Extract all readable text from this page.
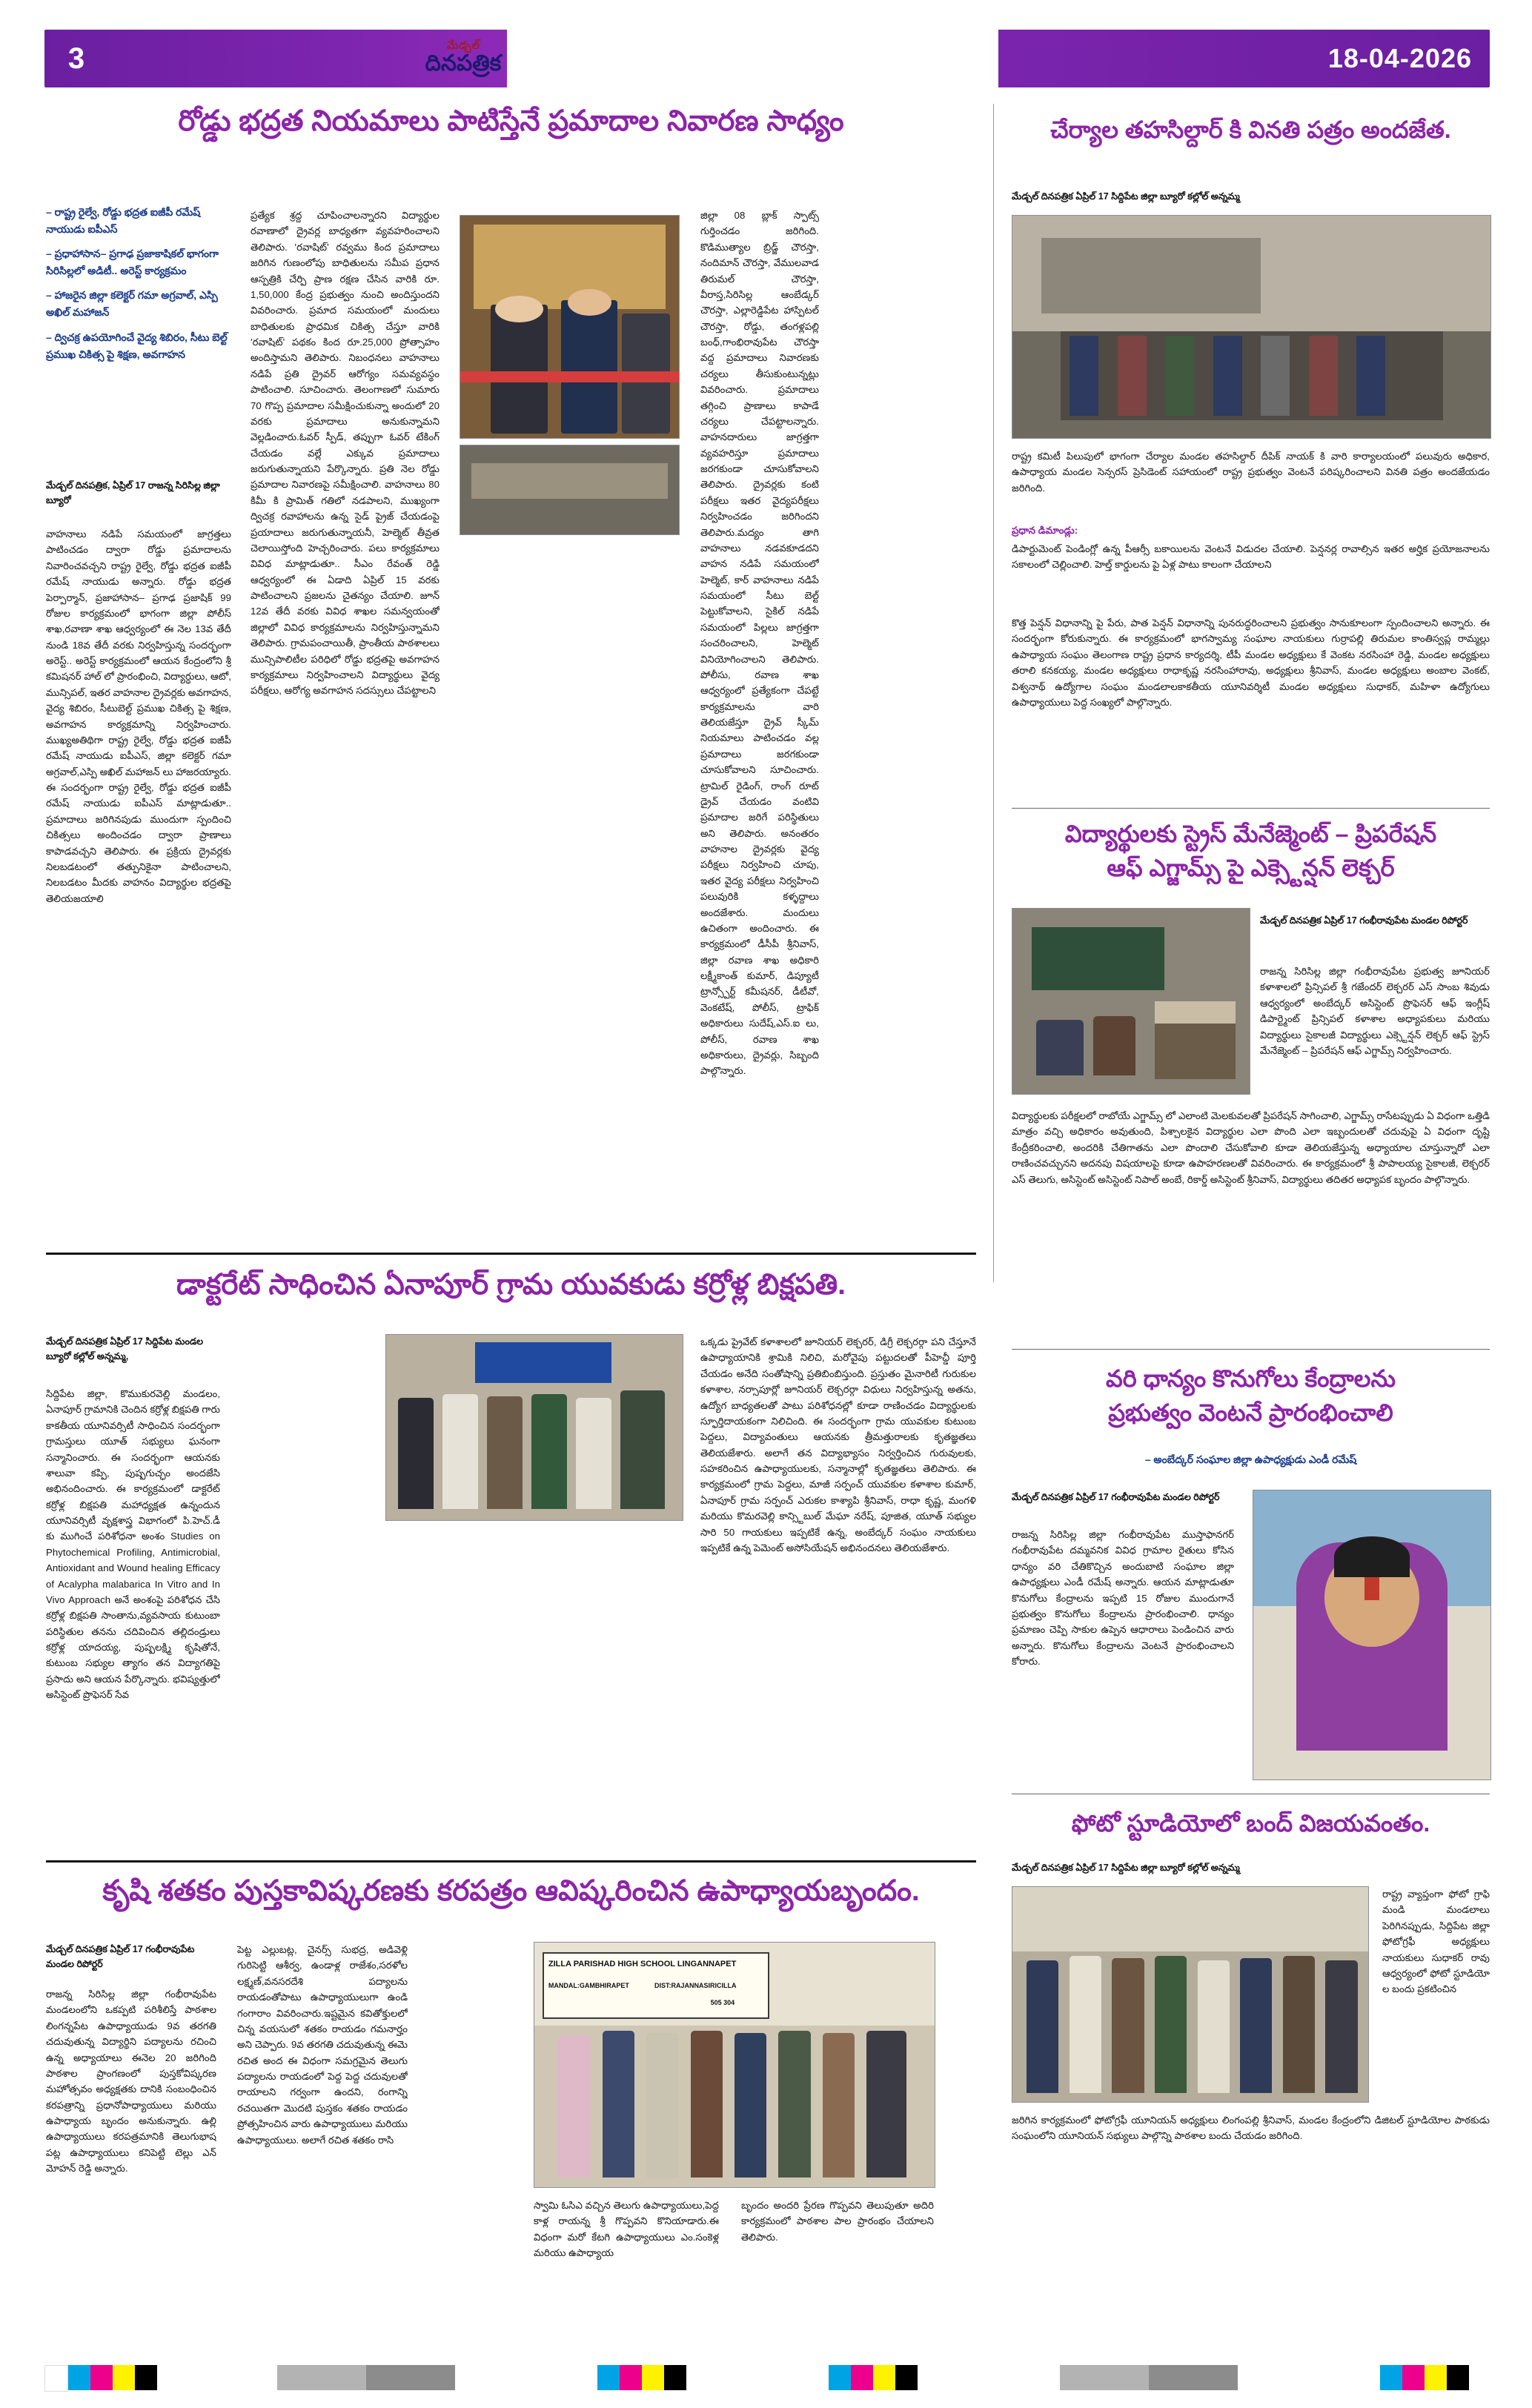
3	మేడ్చల్
దినపత్రిక	18-04-2026
రోడ్డు భద్రత నియమాలు పాటిస్తేనే ప్రమాదాల నివారణ సాధ్యం
– రాష్ట్ర రైల్వే, రోడ్డు భద్రత ఐజీపీ రమేష్ నాయుడు ఐపీఎస్
– ప్రధాహాసాన– ప్రగాఢ ప్రజాకాషికల్ భాగంగా సిరిసిల్లలో అడిటీ.. అరెస్ట్ కార్యక్రమం
– హాజరైన జిల్లా కలెక్టర్ గమా అగ్రవాల్, ఎస్పి అఖిల్ మహాజన్
– ద్విచక్ర ఉపయోగించే వైద్య శిబిరం, సీటు బెల్ట్ ప్రముఖ చికిత్స పై శిక్షణ, అవగాహన
మేడ్చల్ దినపత్రిక, ఏప్రిల్ 17 రాజన్న సిరిసిల్ల జిల్లా బ్యూరో
వాహనాలు నడిపే సమయంలో జాగ్రత్తలు పాటించడం ద్వారా రోడ్డు ప్రమాదాలను నివారించవచ్చని రాష్ట్ర రైల్వే, రోడ్డు భద్రత ఐజీపీ రమేష్ నాయుడు అన్నారు. రోడ్డు భద్రత పెర్పార్మాన్, ప్రజాహాసాన– ప్రగాఢ ప్రజాషిక్ 99 రోజుల కార్యక్రమంలో భాగంగా జిల్లా పోలీస్ శాఖ,రవాణా శాఖ ఆధ్వర్యంలో ఈ నెల 13వ తేదీ నుండి 18వ తేదీ వరకు నిర్వహిస్తున్న సందర్భంగా అరెస్ట్.. అరెస్ట్ కార్యక్రమంలో ఆయన కేంద్రంలోని శ్రీ కమిషనర్ హాల్ లో ప్రారంభించి, విద్యార్ధులు, ఆటో, మున్సిపల్, ఇతర వాహనాల ద్రైవర్లకు అవగాహన, వైద్య శిబిరం, సీటుబెల్ట్ ప్రముఖ చికిత్స పై శిక్షణ, అవగాహన కార్యక్రమాన్ని నిర్వహించారు. ముఖ్యఅతిథిగా రాష్ట్ర రైల్వే, రోడ్డు భద్రత ఐజీపీ రమేష్ నాయుడు ఐపీఎస్, జిల్లా కలెక్టర్ గమా అగ్రవాల్,ఎస్పి అఖిల్ మహాజన్ లు హాజరయ్యారు. ఈ సందర్భంగా రాష్ట్ర రైల్వే, రోడ్డు భద్రత ఐజీపీ రమేష్ నాయుడు ఐపీఎస్ మాట్లాడుతూ.. ప్రమాదాలు జరిగినపుడు ముందుగా స్పందించి చికిత్సలు అందించడం ద్వారా ప్రాణాలు కాపాడవచ్చని తెలిపారు. ఈ ప్రక్రియ ద్రైవర్లకు నిలబడటంలో తత్పునికైనా పాటించాలని, నిలబడటం మీదకు వాహనం విద్యార్థుల భద్రతపై తెలియజయాలి
ప్రత్యేక శ్రద్ద చూపించాలన్నారని విద్యార్థుల రవాణాలో ద్రైవర్ల బాధ్యతగా వ్యవహరించాలని తెలిపారు. 'రవాషిట్' రవ్వము కింద ప్రమాదాలు జరిగిన గుణంలోపు బాధితులను సమీప ప్రధాన ఆస్పత్రికి చేర్పి ప్రాణ రక్షణ చేసిన వారికి రూ. 1,50,000 కేంద్ర ప్రభుత్వం నుంచి అందిస్తుందని వివరించారు. ప్రమాద సమయంలో మందులు బాధితులకు ప్రాధమిక చికిత్స చేస్తూ వారికి 'రవాషిట్' పథకం కింద రూ.25,000 ప్రోత్సాహం అందిస్తామని తెలిపారు. నిబంధనలు వాహనాలు నడిపే ప్రతి ద్రైవర్ ఆరోగ్యం సమవ్యవస్థం పాటించాలి. సూచించారు. తెలంగాణలో సుమారు 70 గొప్ప ప్రమాదాల సమీక్షించుకున్నా అందులో 20 వరకు ప్రమాదాలు అనుకున్నామని వెల్లడించారు.ఓవర్ స్పీడ్, తప్పుగా ఓవర్ టేకింగ్ చేయడం వల్లే ఎక్కువ ప్రమాదాలు జరుగుతున్నాయని పేర్కొన్నారు. ప్రతి నెల రోడ్డు ప్రమాదాల నివారణపై సమీక్షించాలి. వాహనాలు 80 కిమీ కి ప్రామిత్ గతిలో నడపాలని, ముఖ్యంగా ద్విచక్ర రవాహాలను ఉన్న సైడ్ ప్రైజ్ చేయడంపై ప్రయాదాలు జరుగుతున్నాయనీ, హెల్మెట్ తీవ్రత చెలాయిస్తోంది హెచ్చరించారు. పలు కార్యక్రమాలు వివిధ మాట్లాడుతూ.. సీఎం రేవంత్ రెడ్డి ఆధ్వర్యంలో ఈ ఏడాది ఏప్రిల్ 15 వరకు పాటించాలని ప్రజలను చైతన్యం చేయాలి. జూన్ 12వ తేదీ వరకు వివిధ శాఖల సమన్వయంతో జిల్లాలో వివిధ కార్యక్రమాలను నిర్వహిస్తున్నామని తెలిపారు. గ్రామపంచాయితీ, ప్రాంతీయ పాఠశాలలు మున్సిపాలిటీల పరిధిలో రోడ్డు భద్రతపై అవగాహన కార్యక్రమాలు నిర్వహించాలని విద్యార్థులు వైద్య పరీక్షలు, ఆరోగ్య అవగాహన సదస్సులు చేపట్టాలని
జిల్లా 08 బ్లాక్ స్పాట్స్ గుర్తించడం జరిగింది. కొడిముత్యాల బ్రిడ్జ్ చౌరస్తా, నందిమాన్ చౌరస్తా, వేములవాడ తిరుమల్ చౌరస్తా, వీరాస్త,సిరిసిల్ల ఆంబేడ్కర్ చౌరస్తా, ఎల్లారెడ్డిపేట హాస్పిటల్ చౌరస్తా, రోడ్డు, తంగళ్లపల్లి బంధ్,గాంభిరావుపేట చౌరస్తా వద్ద ప్రమాదాలు నివారణకు చర్యలు తీసుకుంటున్నట్లు వివరించారు. ప్రమాదాలు తగ్గించి ప్రాణాలు కాపాడే చర్యలు చేపట్టాలన్నారు. వాహనదారులు జాగ్రత్తగా వ్యవహరిస్తూ ప్రమాదాలు జరగకుండా చూసుకోవాలని తెలిపారు. ద్రైవర్లకు కంటి పరీక్షలు ఇతర వైద్యపరీక్షలు నిర్వహించడం జరిగిందని తెలిపారు.మద్యం తాగి వాహనాలు నడవకూడదని వాహన నడిపే సమయంలో హెల్మెట్, కార్ వాహనాలు నడిపే సమయంలో సీటు బెల్ట్ పెట్టుకోవాలని, సైకిల్ నడిపే సమయంలో పిల్లలు జాగ్రత్తగా సంచరించాలని, హెల్మెట్ వినియోగించాలని తెలిపారు. పోలీసు, రవాణ శాఖ ఆధ్వర్యంలో ప్రత్యేకంగా చేపట్టే కార్యక్రమాలను వారి తెలియజేస్తూ ద్రైవ్ స్కీమ్ నియమాలు పాటించడం వల్ల ప్రమాదాలు జరగకుండా చూసుకోవాలని సూచించారు. ట్రామిల్ రైడింగ్, రాంగ్ రూట్ డ్రైవ్ చేయడం వంటివి ప్రమాదాల జరిగే పరిస్థితులు అని తెలిపారు. అనంతరం వాహనాల ద్రైవర్లకు వైద్య పరీక్షలు నిర్వహించి చూపు, ఇతర వైద్య పరీక్షలు నిర్వహించి పలువురికి కళ్ళద్దాలు అందజేశారు. మందులు ఉచితంగా అందించారు. ఈ కార్యక్రమంలో డీసీపీ శ్రీనివాస్, జిల్లా రవాణ శాఖ అధికారి లక్ష్మీకాంత్ కుమార్, డిప్యూటీ ట్రాన్స్పోర్ట్ కమీషనర్, డీటీవో, వెంకటేష్, పోలీస్, ట్రాఫిక్ అధికారులు సుదేష్,ఎస్.ఐ లు, పోలీస్, రవాణ శాఖ అధికారులు, ద్రైవర్లు, సిబ్బంది పాల్గొన్నారు.
చేర్యాల తహసిల్దార్ కి వినతి పత్రం అందజేత.
మేడ్చల్ దినపత్రిక ఏప్రిల్ 17 సిద్దిపేట జిల్లా బ్యూరో కల్లోల్ అన్నమ్మ
రాష్ట్ర కమిటీ పిలుపులో భాగంగా చేర్యాల మండల తహసిల్దార్ దీపిక్ నాయక్ కి వారి కార్యాలయంలో పలువురు అధికార, ఉపాధ్యాయ మండల సెన్సరస్ ప్రెసిడెంట్ సహాయంలో రాష్ట్ర ప్రభుత్వం వెంటనే పరిష్కరించాలని వినతి పత్రం అందజేయడం జరిగింది.
ప్రధాన డిమాండ్లు:
డిపార్టుమెంట్ పెండింగ్లో ఉన్న పీఆర్సీ బకాయిలను వెంటనే విడుదల చేయాలి. పెన్షనర్ల రావాల్సిన ఇతర అర్హిక ప్రయోజనాలను సకాలంలో చెల్లించాలి. హెల్త్ కార్డులను పై ఏళ్ల పాటు కాలంగా చేయాలని
కొత్త పెన్షన్ విధానాన్ని పై పేరు, పాత పెన్షన్ విధానాన్ని పునరుద్ధరించాలని ప్రభుత్వం సానుకూలంగా స్పందించాలని అన్నారు. ఈ సందర్భంగా కోరుకున్నారు. ఈ కార్యక్రమంలో భాగస్వామ్య సంఘాల నాయకులు గుర్రాపల్లి తిరుమల కాంతిస్వప్ల రామ్మల్లు ఉపాధ్యాయ సంఘం తెలంగాణ రాష్ట్ర ప్రధాన కార్యదర్శి, టీపీ మండల అధ్యక్షులు కే వెంకట నరసింహా రెడ్డి, మండల అధ్యక్షులు తరాలి కనకయ్య, మండల అధ్యక్షులు రాధాకృష్ణ నరసింహారావు, అధ్యక్షులు శ్రీనివాస్, మండల అధ్యక్షులు అంబాల వెంకట్, విశ్వనాథ్ ఉద్యోగాల సంఘం మండలాలకాకతీయ యూనివర్శిటీ మండల అధ్యక్షులు సుధాకర్, మహిళా ఉద్యోగులు ఉపాధ్యాయులు పెద్ద సంఖ్యలో పాల్గొన్నారు.
విద్యార్థులకు స్ట్రెస్ మేనేజ్మెంట్ – ప్రిపరేషన్
ఆఫ్ ఎగ్జామ్స్ పై ఎక్స్టెన్షన్ లెక్చర్
మేడ్చల్ దినపత్రిక ఏప్రిల్ 17 గంభీరావుపేట మండల రిపోర్టర్
రాజన్న సిరిసిల్ల జిల్లా గంభీరావుపేట ప్రభుత్వ జూనియర్ కళాశాలలో ప్రిన్సిపల్ శ్రీ గజేందర్ లెక్చరర్ ఎస్ సాంబ శివుడు ఆధ్వర్యంలో అంబేద్కర్ అసిస్టెంట్ ప్రొఫెసర్ ఆఫ్ ఇంగ్లీష్ డిపార్ట్మెంట్ ప్రిన్సిపల్ కళాశాల అధ్యాపకులు మరియు విద్యార్థులు సైకాలజీ విద్యార్థులు ఎక్స్టెన్షన్ లెక్చర్ ఆఫ్ స్ట్రెస్ మేనేజ్మెంట్ – ప్రిపరేషన్ ఆఫ్ ఎగ్జామ్స్ నిర్వహించారు.
విద్యార్థులకు పరీక్షలలో రాబోయే ఎగ్జామ్స్ లో ఎలాంటి మెలకువలతో ప్రిపరేషన్ సాగించాలి, ఎగ్జామ్స్ రాసేటప్పుడు ఏ విధంగా ఒత్తిడి మాత్రం వచ్చి అధికారం అవుతుంది, పిశ్చాలకైన విద్యార్థుల ఎలా పొంది ఎలా ఇబ్బందులతో చదువుపై ఏ విధంగా దృష్టి కేంద్రీకరించాలి, అందరికి చేతిగాతను ఎలా పొందాలి చేసుకోవాలి కూడా తెలియజేస్తున్న అధ్యాయాల చూస్తున్నారో ఎలా రాణించవచ్చునని అదనపు విషయాలపై కూడా ఉపాహరణలతో వివరించారు. ఈ కార్యక్రమంలో శ్రీ పాపాలయ్య సైకాలజీ, లెక్చరర్ ఎస్ తెలుగు, అసిస్టెంట్ అసిస్టెంట్ నిపాల్ అంబే, రికార్డ్ అసిస్టెంట్ శ్రీనివాస్, విద్యార్థులు తదితర అధ్యాపక బృందం పాల్గొన్నారు.
డాక్టరేట్ సాధించిన ఏనాపూర్ గ్రామ యువకుడు కర్రోళ్ల బిక్షపతి.
మేడ్చల్ దినపత్రిక ఏప్రిల్ 17 సిద్దిపేట మండల బ్యూరో కల్లోల్ అన్నమ్మ,
సిద్దిపేట జిల్లా, కొముకురవెల్లి మండలం, ఏనాపూర్ గ్రామానికి చెందిన కర్రోళ్ల బిక్షపతి గారు కాకతీయ యూనివర్సిటీ సాధించిన సందర్భంగా గ్రామస్తులు యూత్ సభ్యులు ఘనంగా సన్మానించారు. ఈ సందర్భంగా ఆయనకు శాలువా కప్పి, పుష్పగుచ్ఛం అందజేసి అభినందించారు. ఈ కార్యక్రమంలో డాక్టరేట్ కర్రోళ్ల బిక్షపతి మహాధ్యక్షత ఉన్నందున యూనివర్సిటీ వృక్షశాస్త్ర విభాగంలో పి.హెచ్.డీ కు ముగించే పరిశోధనా అంశం Studies on Phytochemical Profiling, Antimicrobial, Antioxidant and Wound healing Efficacy of Acalypha malabarica In Vitro and In Vivo Approach అనే అంశంపై పరిశోధన చేసి కర్రోళ్ల బిక్షపతి సాంతాను,వ్యవసాయ కుటుంబా పరిస్థితుల తనను చదివించిన తల్లిదండ్రులు కర్రోళ్ల యాదయ్య, పుష్పలక్ష్మి కృషితోనే, కుటుంబ సభ్యుల త్యాగం తన విద్యాగతిపై ప్రసాదు అని ఆయన పేర్కొన్నారు. భవిష్యత్తులో అసిస్టెంట్ ప్రొఫెసర్ సేవ
ఒక్కడు ప్రైవేట్ కళాశాలలో జూనియర్ లెక్చరర్, డిగ్రీ లెక్చరర్గా పని చేస్తూనే ఉపాధ్యాయానికి శ్రామికి నిలిచి, మరోవైపు పట్టుదలతో పీహెచ్డీ పూర్తి చేయడం అనేది సంతోషాన్ని ప్రతిబింబిస్తుంది. ప్రస్తుతం మైనారిటీ గురుకుల కళాశాల, నర్సాపూర్లో జూనియర్ లెక్చరర్గా విధులు నిర్వహిస్తున్న అతను, ఉద్యోగ బాధ్యతలతో పాటు పరిశోధనల్లో కూడా రాణించడం విద్యార్థులకు స్ఫూర్తిదాయకంగా నిలిచింది. ఈ సందర్భంగా గ్రామ యువకుల కుటుంబ పెద్దలు, విద్యావంతులు ఆయనకు త్రీమత్తురాలకు కృతజ్ఞతలు తెలియజేశారు. అలాగే తన విద్యాభ్యాసం నిర్వర్తించిన గురువులకు, సహకరించిన ఉపాధ్యాయులకు, సన్మానాల్లో కృతజ్ఞతలు తెలిపారు. ఈ కార్యక్రమంలో గ్రామ పెద్దలు, మాజీ సర్పంచ్ యువకుల కళాశాల కుమార్, ఏనాపూర్ గ్రామ సర్పంచ్ ఎరుకల కాశ్యాపి శ్రీనివాస్, రాధా కృష్ణ, మంగళి మరియు కొమరవెల్లి కాన్స్టిబుల్ మేఘా నరేష్, పూజిత, యూత్ సభ్యుల సారి 50 గాయకులు ఇప్పటికే ఉన్న, అంబేద్కర్ సంఘం నాయకులు ఇప్పటికే ఉన్న పెమెంట్ అసోసియేషన్ అభినందనలు తెలియజేశారు.
వరి ధాన్యం కొనుగోలు కేంద్రాలను
ప్రభుత్వం వెంటనే ప్రారంభించాలి
– అంబేద్కర్ సంఘాల జిల్లా ఉపాధ్యక్షుడు ఎండీ రమేష్
మేడ్చల్ దినపత్రిక ఏప్రిల్ 17 గంభీరావుపేట మండల రిపోర్టర్
రాజన్న సిరిసిల్ల జిల్లా గంభీరావుపేట ముస్తాఫానగర్ గంభీరావుపేట దమ్మవనిక వివిధ గ్రామాల రైతులు కోసిన ధాన్యం వరి చేతికొచ్చిన అందుబాటి సంఘాల జిల్లా ఉపాధ్యక్షులు ఎండీ రమేష్ అన్నారు. ఆయన మాట్లాడుతూ కొనుగోలు కేంద్రాలను ఇప్పటి 15 రోజుల ముందుగానే ప్రభుత్వం కొనుగోలు కేంద్రాలను ప్రారంభించాలి. ధాన్యం ప్రమాణం చెప్పి సాకుల ఉప్పెన ఆధారాలు పెండించిన వారు అన్నారు. కొనుగోలు కేంద్రాలను వెంటనే ప్రారంభించాలని కోరారు.
కృషి శతకం పుస్తకావిష్కరణకు కరపత్రం ఆవిష్కరించిన ఉపాధ్యాయబృందం.
మేడ్చల్ దినపత్రిక ఏప్రిల్ 17 గంభీరావుపేట మండల రిపోర్టర్
రాజన్న సిరిసిల్ల జిల్లా గంభీరావుపేట మండలంలోని ఒకప్పటి పరిశీలిస్తే పాఠశాల లింగన్నపేట ఉపాధ్యాయుడు 9వ తరగతి చదువుతున్న విద్యార్థిని పద్యాలను రచించి ఉన్న అధ్యాయాలు ఈనెల 20 జరిగింది పాఠశాల ప్రాంగణంలో పుస్తకోవిష్కరణ మహోత్సవం అధ్యక్షతకు దానికి సంబంధించిన కరపత్రాన్ని ప్రధానోపాధ్యాయులు మరియు ఉపాధ్యాయ బృందం అనుకున్నారు. ఉల్లి ఉపాధ్యాయులు కరపత్రమానికి తెలుగుభాష పట్ల ఉపాధ్యాయులు కనిపెట్టి టెల్లు ఎన్ మోహన్ రెడ్డి అన్నారు.
పెట్ట ఎల్లుబట్ల, చైనర్స్ సుభద్ర, అడివెళ్లి గురిసెట్టి ఆశీర్వ, ఉండాళ్ల రాజేశం,సరళోల లక్ష్మణ్,వనసరదేశి పద్యాలను రాయడంతోపాటు ఉపాధ్యాయులుగా ఉండి గంగారాం వివరించారు.ఇష్టమైన కవితోక్తులలో చిన్న వయసులో శతకం రాయడం గమనార్హం అని చెప్పారు. 9వ తరగతి చదువుతున్న ఈమె రచిత అంద ఈ విధంగా సమగ్రమైన తెలుగు పద్యాలను రాయడంలో పెద్ద పెద్ద చదువులతో రాయాలని గర్వంగా ఉందని, రంగాన్ని రచయితగా మొదటి పుస్తకం శతకం రాయడం ప్రోత్సహించిన వారు ఉపాధ్యాయులు మరియు ఉపాధ్యాయులు. అలాగే రచిత శతకం రాసి
ZILLA PARISHAD HIGH SCHOOL LINGANNAPET
MANDAL:GAMBHIRAPET	DIST:RAJANNASIRICILLA
505 304
స్వామి ఓసిఎ వచ్చిన తెలుగు ఉపాధ్యాయులు,పెద్ద కాళ్ల రాయన్న శ్రీ గొప్పవని కొనియాడారు.ఈ విధంగా మరో కేటగి ఉపాధ్యాయులు ఎం.సంకెళ్ల మరియు ఉపాధ్యాయ
బృందం అందరి ప్రేరణ గొప్పవని తెలుపుతూ అదిరి కార్యక్రమంలో పాఠశాల పాల ప్రారంభం చేయాలని తెలిపారు.
ఫోటో స్టూడియోలో బంద్ విజయవంతం.
మేడ్చల్ దినపత్రిక ఏప్రిల్ 17 సిద్దిపేట జిల్లా బ్యూరో కల్లోల్ అన్నమ్మ
రాష్ట్ర వ్యాప్తంగా ఫోటో గ్రాఫి మండి మండలాలు పెరిగినప్పుడు, సిద్దిపేట జిల్లా ఫోటోగ్రఫీ అధ్యక్షులు నాయకులు సుధాకర్ రావు ఆధ్వర్యంలో ఫోటో స్టూడియో ల బందు ప్రకటించిన
జరిగిన కార్యక్రమంలో ఫోటోగ్రఫీ యూనియన్ అధ్యక్షులు లింగంపల్లి శ్రీనివాస్, మండల కేంద్రంలోని డిజిటల్ స్టూడియోల పాఠకుడు సంఘంలోని యూనియన్ సభ్యులు పాల్గొన్ని పాఠశాల బందు చేయడం జరిగింది.
